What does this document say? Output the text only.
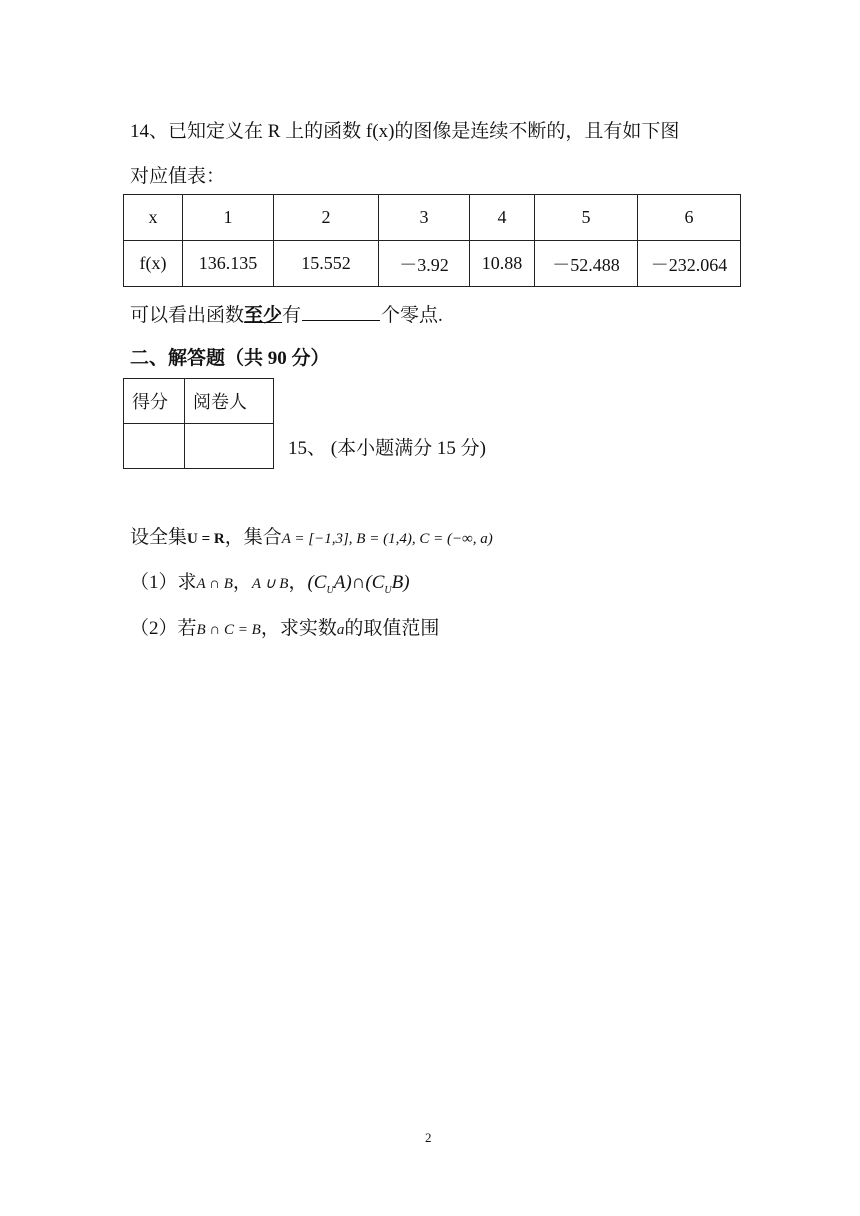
14、已知定义在 R 上的函数 f(x)的图像是连续不断的，且有如下图
对应值表：
x	1	2	3	4	5	6
f(x)	136.135	15.552	－3.92	10.88	－52.488	－232.064
可以看出函数至少有	个零点.
二、解答题（共 90 分）
得分	阅卷人

15、 (本小题满分 15 分)
设全集U = R，集合A = [−1,3], B = (1,4), C = (−∞, a)
（1）求A ∩ B，A ∪ B，$(C_UA)\cap(C_UB)$
（2）若B ∩ C = B，求实数a的取值范围
2
